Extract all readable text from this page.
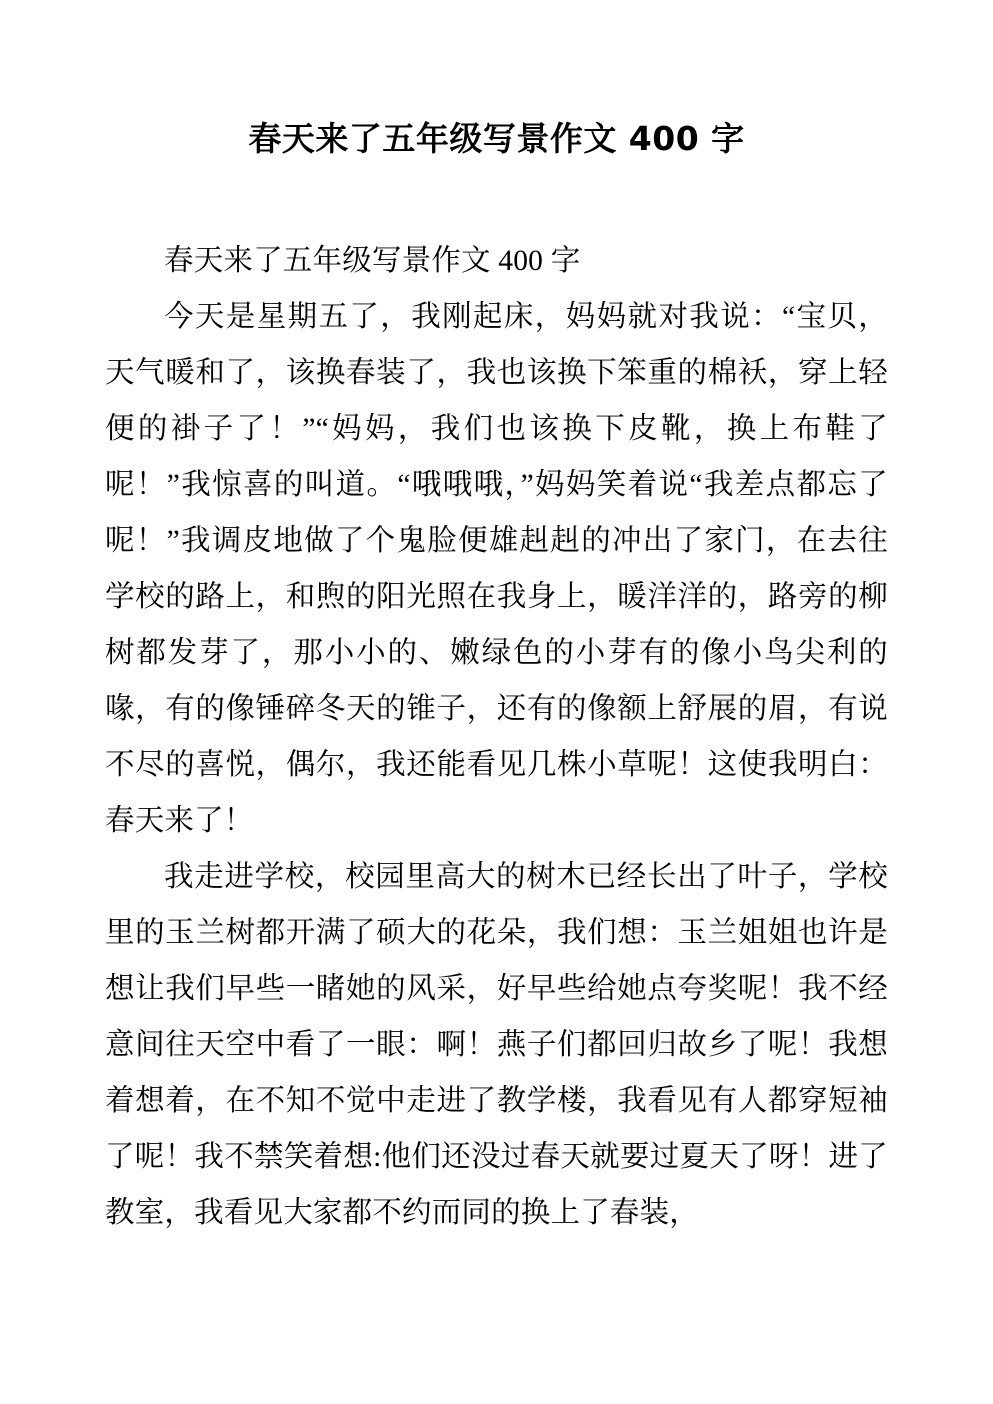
春天来了五年级写景作文 400 字

春天来了五年级写景作文 400 字

今天是星期五了，我刚起床，妈妈就对我说：“宝贝，天气暖和了，该换春装了，我也该换下笨重的棉袄，穿上轻便的褂子了！”“妈妈，我们也该换下皮靴，换上布鞋了呢！”我惊喜的叫道。“哦哦哦，”妈妈笑着说“我差点都忘了呢！”我调皮地做了个鬼脸便雄赳赳的冲出了家门，在去往学校的路上，和煦的阳光照在我身上，暖洋洋的，路旁的柳树都发芽了，那小小的、嫩绿色的小芽有的像小鸟尖利的喙，有的像锤碎冬天的锥子，还有的像额上舒展的眉，有说不尽的喜悦，偶尔，我还能看见几株小草呢！这使我明白：春天来了！

我走进学校，校园里高大的树木已经长出了叶子，学校里的玉兰树都开满了硕大的花朵，我们想：玉兰姐姐也许是想让我们早些一睹她的风采，好早些给她点夸奖呢！我不经意间往天空中看了一眼：啊！燕子们都回归故乡了呢！我想着想着，在不知不觉中走进了教学楼，我看见有人都穿短袖了呢！我不禁笑着想:他们还没过春天就要过夏天了呀！进了教室，我看见大家都不约而同的换上了春装，
